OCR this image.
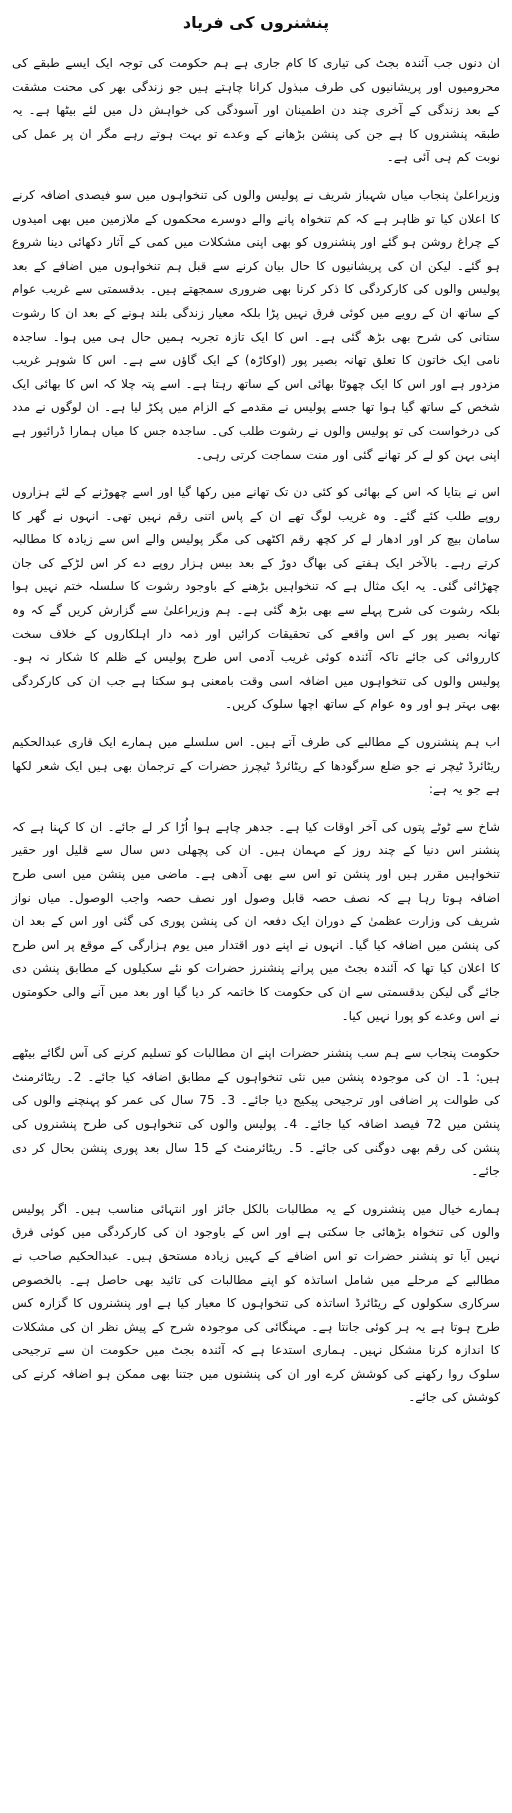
پنشنروں کی فریاد

ان دنوں جب آئندہ بجٹ کی تیاری کا کام جاری ہے ہم حکومت کی توجہ ایک ایسے طبقے کی محرومیوں اور پریشانیوں کی طرف مبذول کرانا چاہتے ہیں جو زندگی بھر کی محنت مشقت کے بعد زندگی کے آخری چند دن اطمینان اور آسودگی کی خواہش دل میں لئے بیٹھا ہے۔ یہ طبقہ پنشنروں کا ہے جن کی پنشن بڑھانے کے وعدے تو بہت ہوتے رہے مگر ان پر عمل کی نوبت کم ہی آئی ہے۔

وزیراعلیٰ پنجاب میاں شہباز شریف نے پولیس والوں کی تنخواہوں میں سو فیصدی اضافہ کرنے کا اعلان کیا تو ظاہر ہے کہ کم تنخواہ پانے والے دوسرے محکموں کے ملازمین میں بھی امیدوں کے چراغ روشن ہو گئے اور پنشنروں کو بھی اپنی مشکلات میں کمی کے آثار دکھائی دینا شروع ہو گئے۔ لیکن ان کی پریشانیوں کا حال بیان کرنے سے قبل ہم تنخواہوں میں اضافے کے بعد پولیس والوں کی کارکردگی کا ذکر کرنا بھی ضروری سمجھتے ہیں۔ بدقسمتی سے غریب عوام کے ساتھ ان کے رویے میں کوئی فرق نہیں پڑا بلکہ معیار زندگی بلند ہونے کے بعد ان کا رشوت ستانی کی شرح بھی بڑھ گئی ہے۔ اس کا ایک تازہ تجربہ ہمیں حال ہی میں ہوا۔ ساجدہ نامی ایک خاتون کا تعلق تھانہ بصیر پور (اوکاڑہ) کے ایک گاؤں سے ہے۔ اس کا شوہر غریب مزدور ہے اور اس کا ایک چھوٹا بھائی اس کے ساتھ رہتا ہے۔ اسے پتہ چلا کہ اس کا بھائی ایک شخص کے ساتھ گیا ہوا تھا جسے پولیس نے مقدمے کے الزام میں پکڑ لیا ہے۔ ان لوگوں نے مدد کی درخواست کی تو پولیس والوں نے رشوت طلب کی۔ ساجدہ جس کا میاں ہمارا ڈرائیور ہے اپنی بہن کو لے کر تھانے گئی اور منت سماجت کرتی رہی۔

اس نے بتایا کہ اس کے بھائی کو کئی دن تک تھانے میں رکھا گیا اور اسے چھوڑنے کے لئے ہزاروں روپے طلب کئے گئے۔ وہ غریب لوگ تھے ان کے پاس اتنی رقم نہیں تھی۔ انہوں نے گھر کا سامان بیچ کر اور ادھار لے کر کچھ رقم اکٹھی کی مگر پولیس والے اس سے زیادہ کا مطالبہ کرتے رہے۔ بالآخر ایک ہفتے کی بھاگ دوڑ کے بعد بیس ہزار روپے دے کر اس لڑکے کی جان چھڑائی گئی۔ یہ ایک مثال ہے کہ تنخواہیں بڑھنے کے باوجود رشوت کا سلسلہ ختم نہیں ہوا بلکہ رشوت کی شرح پہلے سے بھی بڑھ گئی ہے۔ ہم وزیراعلیٰ سے گزارش کریں گے کہ وہ تھانہ بصیر پور کے اس واقعے کی تحقیقات کرائیں اور ذمہ دار اہلکاروں کے خلاف سخت کارروائی کی جائے تاکہ آئندہ کوئی غریب آدمی اس طرح پولیس کے ظلم کا شکار نہ ہو۔ پولیس والوں کی تنخواہوں میں اضافہ اسی وقت بامعنی ہو سکتا ہے جب ان کی کارکردگی بھی بہتر ہو اور وہ عوام کے ساتھ اچھا سلوک کریں۔

اب ہم پنشنروں کے مطالبے کی طرف آتے ہیں۔ اس سلسلے میں ہمارے ایک قاری عبدالحکیم ریٹائرڈ ٹیچر نے جو ضلع سرگودھا کے ریٹائرڈ ٹیچرز حضرات کے ترجمان بھی ہیں ایک شعر لکھا ہے جو یہ ہے:

شاخ سے ٹوٹے پتوں کی آخر اوقات کیا ہے۔ جدھر چاہے ہوا اُڑا کر لے جائے۔ ان کا کہنا ہے کہ پنشنر اس دنیا کے چند روز کے مہمان ہیں۔ ان کی پچھلی دس سال سے قلیل اور حقیر تنخواہیں مقرر ہیں اور پنشن تو اس سے بھی آدھی ہے۔ ماضی میں پنشن میں اسی طرح اضافہ ہوتا رہا ہے کہ نصف حصہ قابل وصول اور نصف حصہ واجب الوصول۔ میاں نواز شریف کی وزارت عظمیٰ کے دوران ایک دفعہ ان کی پنشن پوری کی گئی اور اس کے بعد ان کی پنشن میں اضافہ کیا گیا۔ انہوں نے اپنے دور اقتدار میں یوم ہزارگی کے موقع پر اس طرح کا اعلان کیا تھا کہ آئندہ بجٹ میں پرانے پنشنرز حضرات کو نئے سکیلوں کے مطابق پنشن دی جائے گی لیکن بدقسمتی سے ان کی حکومت کا خاتمہ کر دیا گیا اور بعد میں آنے والی حکومتوں نے اس وعدے کو پورا نہیں کیا۔

حکومت پنجاب سے ہم سب پنشنر حضرات اپنے ان مطالبات کو تسلیم کرنے کی آس لگائے بیٹھے ہیں: 1۔ ان کی موجودہ پنشن میں نئی تنخواہوں کے مطابق اضافہ کیا جائے۔ 2۔ ریٹائرمنٹ کی طوالت پر اضافی اور ترجیحی پیکیج دیا جائے۔ 3۔ 75 سال کی عمر کو پہنچنے والوں کی پنشن میں 72 فیصد اضافہ کیا جائے۔ 4۔ پولیس والوں کی تنخواہوں کی طرح پنشنروں کی پنشن کی رقم بھی دوگنی کی جائے۔ 5۔ ریٹائرمنٹ کے 15 سال بعد پوری پنشن بحال کر دی جائے۔

ہمارے خیال میں پنشنروں کے یہ مطالبات بالکل جائز اور انتہائی مناسب ہیں۔ اگر پولیس والوں کی تنخواہ بڑھائی جا سکتی ہے اور اس کے باوجود ان کی کارکردگی میں کوئی فرق نہیں آیا تو پنشنر حضرات تو اس اضافے کے کہیں زیادہ مستحق ہیں۔ عبدالحکیم صاحب نے مطالبے کے مرحلے میں شامل اساتذہ کو اپنے مطالبات کی تائید بھی حاصل ہے۔ بالخصوص سرکاری سکولوں کے ریٹائرڈ اساتذہ کی تنخواہوں کا معیار کیا ہے اور پنشنروں کا گزارہ کس طرح ہوتا ہے یہ ہر کوئی جانتا ہے۔ مہنگائی کی موجودہ شرح کے پیش نظر ان کی مشکلات کا اندازہ کرنا مشکل نہیں۔ ہماری استدعا ہے کہ آئندہ بجٹ میں حکومت ان سے ترجیحی سلوک روا رکھنے کی کوشش کرے اور ان کی پنشنوں میں جتنا بھی ممکن ہو اضافہ کرنے کی کوشش کی جائے۔
